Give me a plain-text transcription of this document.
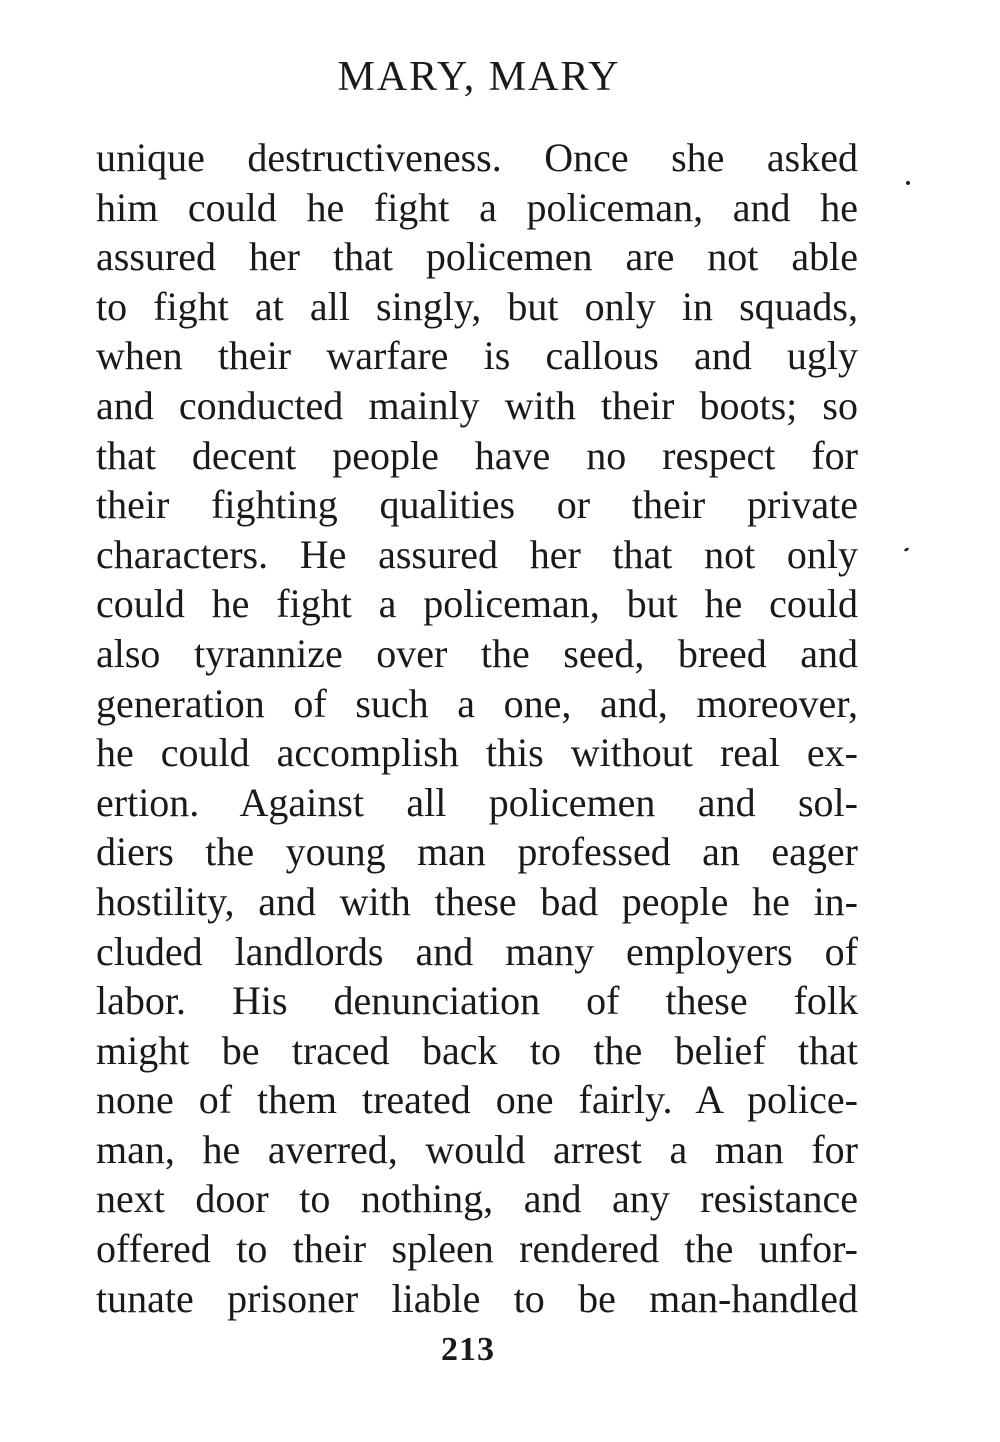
MARY, MARY
unique destructiveness. Once she asked
him could he fight a policeman, and he
assured her that policemen are not able
to fight at all singly, but only in squads,
when their warfare is callous and ugly
and conducted mainly with their boots; so
that decent people have no respect for
their fighting qualities or their private
characters. He assured her that not only
could he fight a policeman, but he could
also tyrannize over the seed, breed and
generation of such a one, and, moreover,
he could accomplish this without real ex-
ertion. Against all policemen and sol-
diers the young man professed an eager
hostility, and with these bad people he in-
cluded landlords and many employers of
labor. His denunciation of these folk
might be traced back to the belief that
none of them treated one fairly. A police-
man, he averred, would arrest a man for
next door to nothing, and any resistance
offered to their spleen rendered the unfor-
tunate prisoner liable to be man-handled
213
